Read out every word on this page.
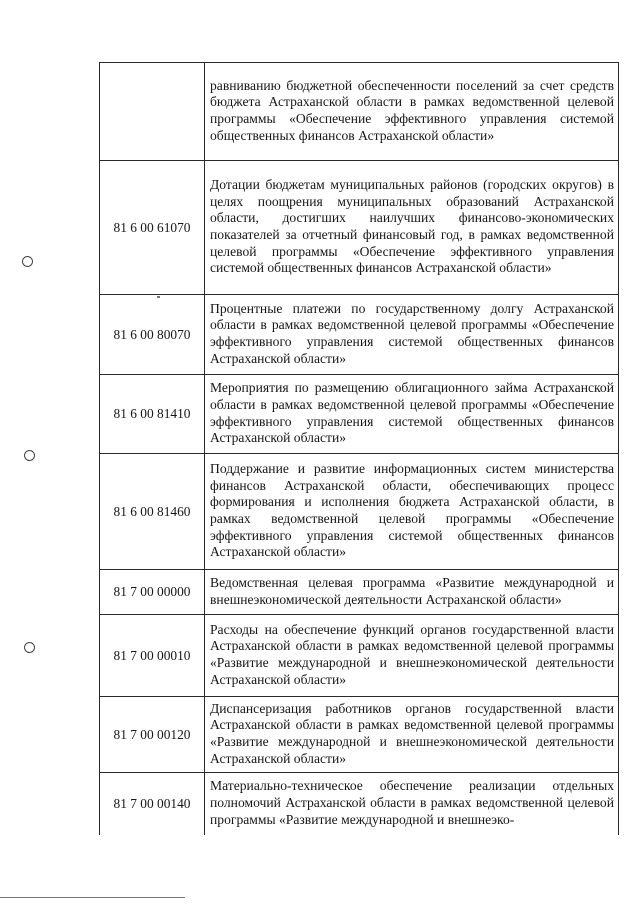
	равниванию бюджетной обеспеченности поселений за счет средств бюджета Астраханской области в рамках ведомственной целевой программы «Обеспечение эффективного управления системой общественных финансов Астраханской области»
81 6 00 61070	Дотации бюджетам муниципальных районов (городских округов) в целях поощрения муниципальных образований Астраханской области, достигших наилучших финансово-экономических показателей за отчетный финансовый год, в рамках ведомственной целевой программы «Обеспечение эффективного управления системой общественных финансов Астраханской области»
81 6 00 80070	Процентные платежи по государственному долгу Астраханской области в рамках ведомственной целевой программы «Обеспечение эффективного управления системой общественных финансов Астраханской области»
81 6 00 81410	Мероприятия по размещению облигационного займа Астраханской области в рамках ведомственной целевой программы «Обеспечение эффективного управления системой общественных финансов Астраханской области»
81 6 00 81460	Поддержание и развитие информационных систем министерства финансов Астраханской области, обеспечивающих процесс формирования и исполнения бюджета Астраханской области, в рамках ведомственной целевой программы «Обеспечение эффективного управления системой общественных финансов Астраханской области»
81 7 00 00000	Ведомственная целевая программа «Развитие международной и внешнеэкономической деятельности Астраханской области»
81 7 00 00010	Расходы на обеспечение функций органов государственной власти Астраханской области в рамках ведомственной целевой программы «Развитие международной и внешнеэкономической деятельности Астраханской области»
81 7 00 00120	Диспансеризация работников органов государственной власти Астраханской области в рамках ведомственной целевой программы «Развитие международной и внешнеэкономической деятельности Астраханской области»
81 7 00 00140	Материально-техническое обеспечение реализации отдельных полномочий Астраханской области в рамках ведомственной целевой программы «Развитие международной и внешнеэко-
